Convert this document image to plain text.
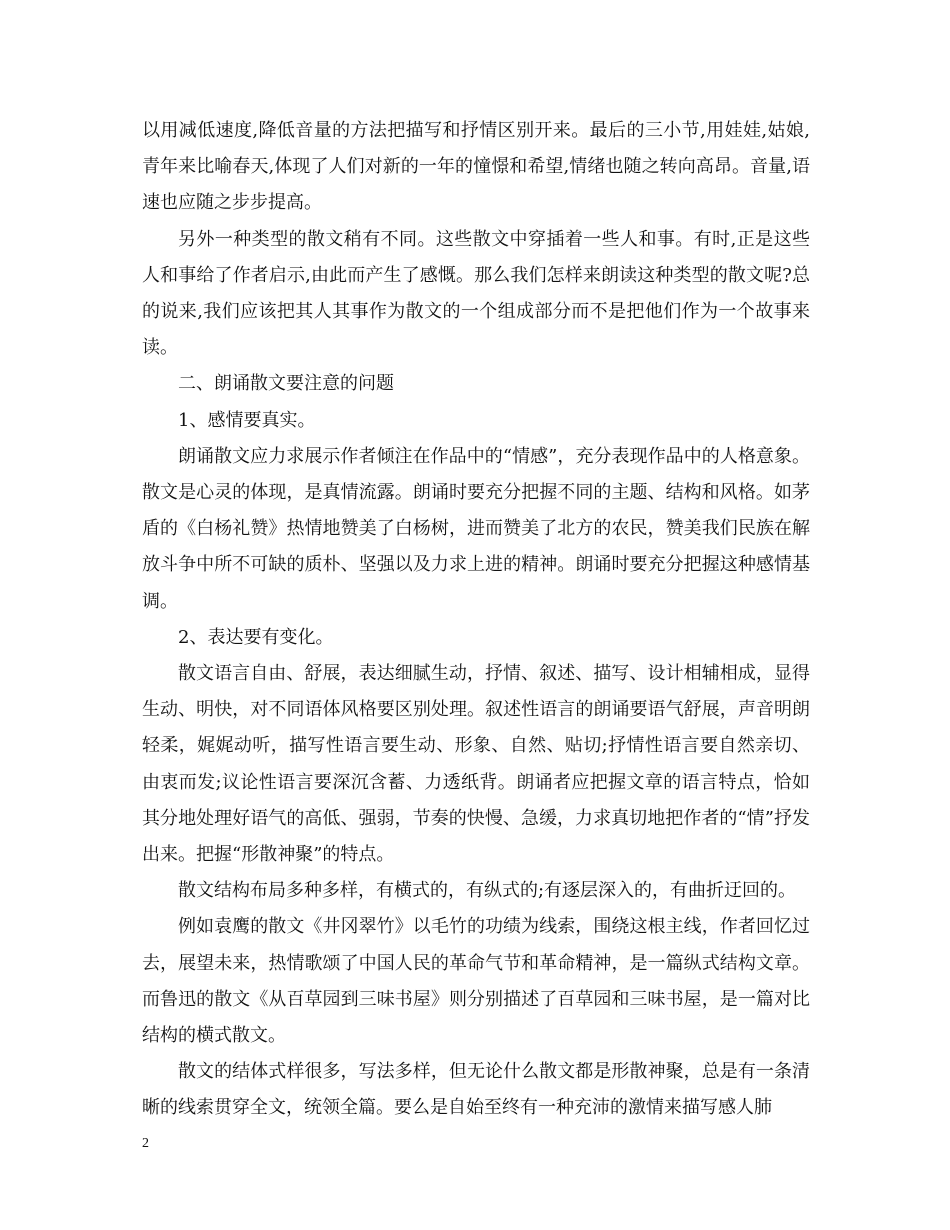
以用减低速度,降低音量的方法把描写和抒情区别开来。最后的三小节,用娃娃,姑娘,青年来比喻春天,体现了人们对新的一年的憧憬和希望,情绪也随之转向高昂。音量,语速也应随之步步提高。

另外一种类型的散文稍有不同。这些散文中穿插着一些人和事。有时,正是这些人和事给了作者启示,由此而产生了感慨。那么我们怎样来朗读这种类型的散文呢?总的说来,我们应该把其人其事作为散文的一个组成部分而不是把他们作为一个故事来读。

二、朗诵散文要注意的问题

1、感情要真实。

朗诵散文应力求展示作者倾注在作品中的“情感”，充分表现作品中的人格意象。散文是心灵的体现，是真情流露。朗诵时要充分把握不同的主题、结构和风格。如茅盾的《白杨礼赞》热情地赞美了白杨树，进而赞美了北方的农民，赞美我们民族在解放斗争中所不可缺的质朴、坚强以及力求上进的精神。朗诵时要充分把握这种感情基调。

2、表达要有变化。

散文语言自由、舒展，表达细腻生动，抒情、叙述、描写、设计相辅相成，显得生动、明快，对不同语体风格要区别处理。叙述性语言的朗诵要语气舒展，声音明朗轻柔，娓娓动听，描写性语言要生动、形象、自然、贴切;抒情性语言要自然亲切、由衷而发;议论性语言要深沉含蓄、力透纸背。朗诵者应把握文章的语言特点，恰如其分地处理好语气的高低、强弱，节奏的快慢、急缓，力求真切地把作者的“情”抒发出来。把握“形散神聚”的特点。

散文结构布局多种多样，有横式的，有纵式的;有逐层深入的，有曲折迂回的。

例如袁鹰的散文《井冈翠竹》以毛竹的功绩为线索，围绕这根主线，作者回忆过去，展望未来，热情歌颂了中国人民的革命气节和革命精神，是一篇纵式结构文章。而鲁迅的散文《从百草园到三味书屋》则分别描述了百草园和三味书屋，是一篇对比结构的横式散文。

散文的结体式样很多，写法多样，但无论什么散文都是形散神聚，总是有一条清晰的线索贯穿全文，统领全篇。要么是自始至终有一种充沛的激情来描写感人肺

2
